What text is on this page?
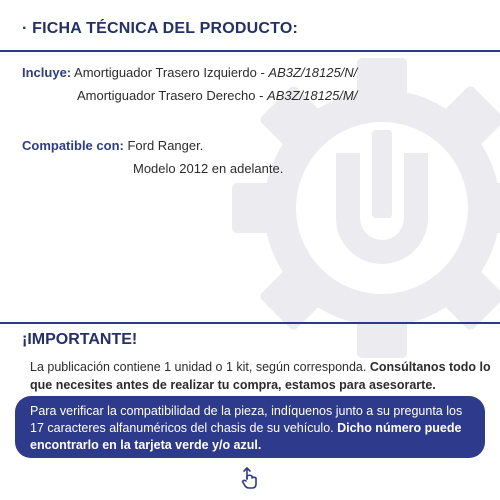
· FICHA TÉCNICA DEL PRODUCTO:
Incluye: Amortiguador Trasero Izquierdo - AB3Z/18125/N/
Amortiguador Trasero Derecho - AB3Z/18125/M/
Compatible con: Ford Ranger.
Modelo 2012 en adelante.
¡IMPORTANTE!
La publicación contiene 1 unidad o 1 kit, según corresponda. Consúltanos todo lo que necesites antes de realizar tu compra, estamos para asesorarte.
Para verificar la compatibilidad de la pieza, indíquenos junto a su pregunta los 17 caracteres alfanuméricos del chasis de su vehículo. Dicho número puede encontrarlo en la tarjeta verde y/o azul.
